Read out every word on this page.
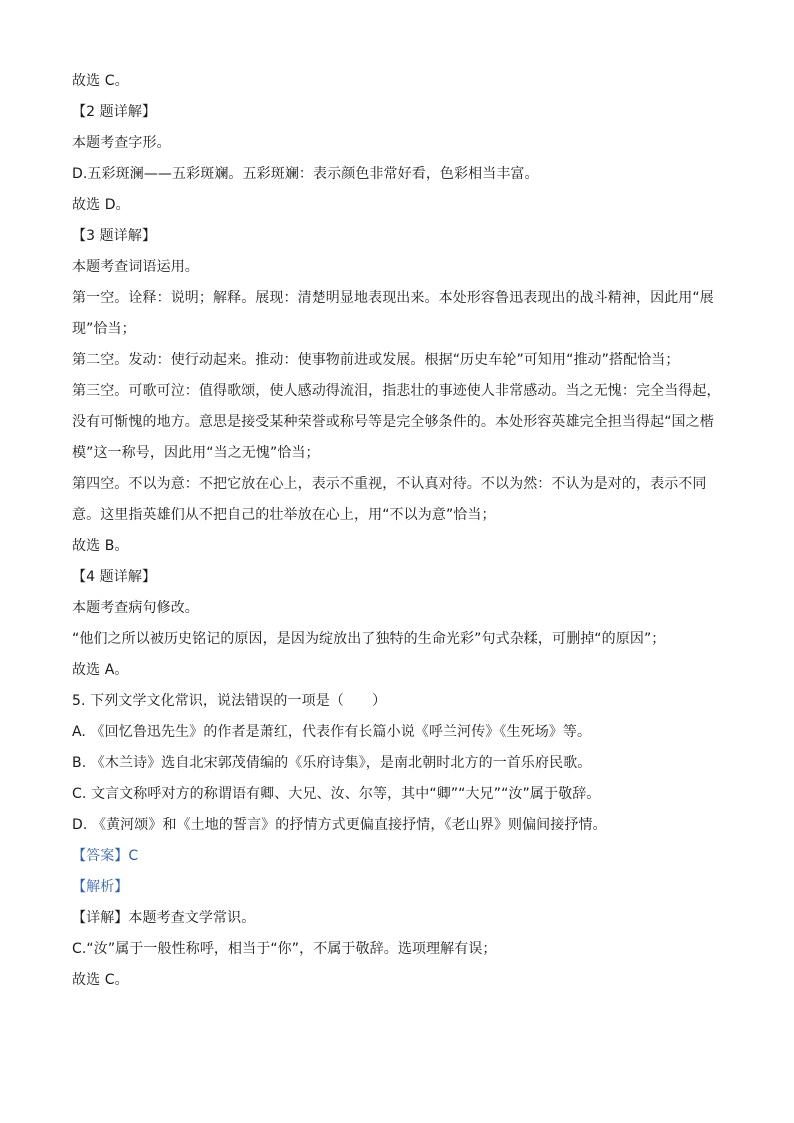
故选 C。
【2 题详解】
本题考查字形。
D.五彩斑澜——五彩斑斓。五彩斑斓：表示颜色非常好看，色彩相当丰富。
故选 D。
【3 题详解】
本题考查词语运用。
第一空。诠释：说明；解释。展现：清楚明显地表现出来。本处形容鲁迅表现出的战斗精神，因此用“展
现”恰当；
第二空。发动：使行动起来。推动：使事物前进或发展。根据“历史车轮”可知用“推动”搭配恰当；
第三空。可歌可泣：值得歌颂，使人感动得流泪，指悲壮的事迹使人非常感动。当之无愧：完全当得起，
没有可惭愧的地方。意思是接受某种荣誉或称号等是完全够条件的。本处形容英雄完全担当得起“国之楷
模”这一称号，因此用“当之无愧”恰当；
第四空。不以为意：不把它放在心上，表示不重视，不认真对待。不以为然：不认为是对的，表示不同
意。这里指英雄们从不把自己的壮举放在心上，用“不以为意”恰当；
故选 B。
【4 题详解】
本题考查病句修改。
“他们之所以被历史铭记的原因，是因为绽放出了独特的生命光彩”句式杂糅，可删掉“的原因”；
故选 A。
5. 下列文学文化常识，说法错误的一项是（　　）
A. 《回忆鲁迅先生》的作者是萧红，代表作有长篇小说《呼兰河传》《生死场》等。
B. 《木兰诗》选自北宋郭茂倩编的《乐府诗集》，是南北朝时北方的一首乐府民歌。
C. 文言文称呼对方的称谓语有卿、大兄、汝、尔等，其中“卿”“大兄”“汝”属于敬辞。
D. 《黄河颂》和《土地的誓言》的抒情方式更偏直接抒情，《老山界》则偏间接抒情。
【答案】C
【解析】
【详解】本题考查文学常识。
C.“汝”属于一般性称呼，相当于“你”，不属于敬辞。选项理解有误；
故选 C。
